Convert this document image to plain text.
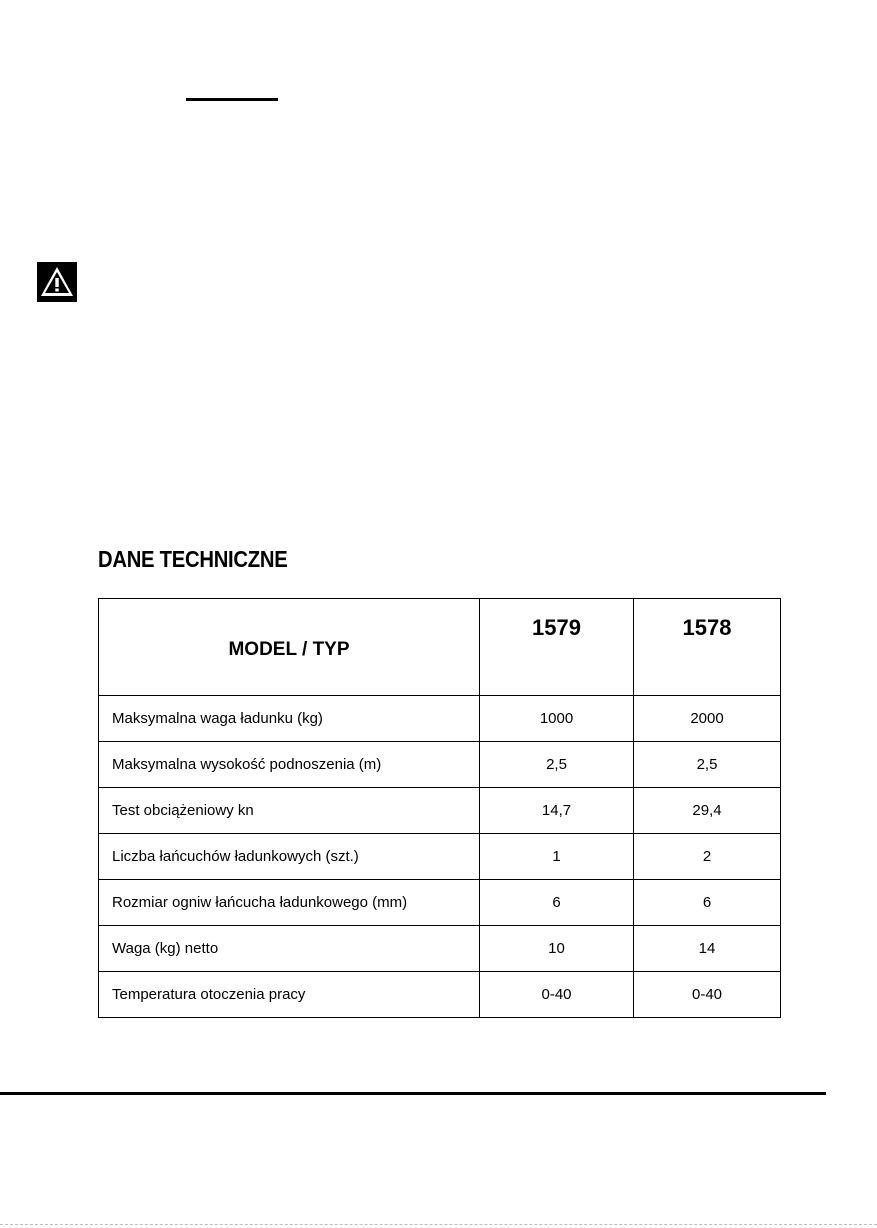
DANE TECHNICZNE
MODEL / TYP	1579	1578
Maksymalna waga ładunku (kg)	1000	2000
Maksymalna wysokość podnoszenia (m)	2,5	2,5
Test obciążeniowy kn	14,7	29,4
Liczba łańcuchów ładunkowych (szt.)	1	2
Rozmiar ogniw łańcucha ładunkowego (mm)	6	6
Waga (kg) netto	10	14
Temperatura otoczenia pracy	0-40	0-40
